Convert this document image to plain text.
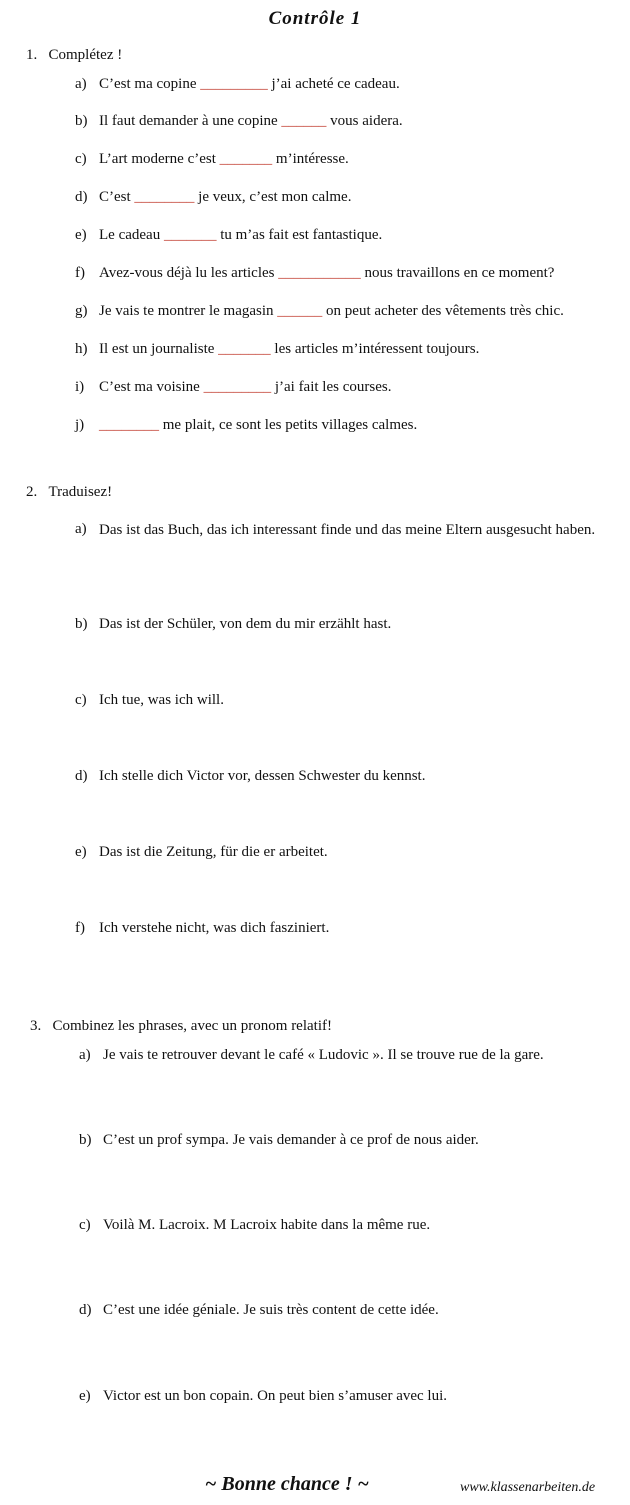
Contrôle 1
1. Complétez !
a) C’est ma copine _________ j’ai acheté ce cadeau.
b) Il faut demander à une copine ______ vous aidera.
c) L’art moderne c’est _______ m’intéresse.
d) C’est ________ je veux, c’est mon calme.
e) Le cadeau _______ tu m’as fait est fantastique.
f) Avez-vous déjà lu les articles ___________ nous travaillons en ce moment?
g) Je vais te montrer le magasin ______ on peut acheter des vêtements très chic.
h) Il est un journaliste _______ les articles m’intéressent toujours.
i) C’est ma voisine _________ j’ai fait les courses.
j) ________ me plait, ce sont les petits villages calmes.
2. Traduisez!
a) Das ist das Buch, das ich interessant finde und das meine Eltern ausgesucht haben.
b) Das ist der Schüler, von dem du mir erzählt hast.
c) Ich tue, was ich will.
d) Ich stelle dich Victor vor, dessen Schwester du kennst.
e) Das ist die Zeitung, für die er arbeitet.
f) Ich verstehe nicht, was dich fasziniert.
3. Combinez les phrases, avec un pronom relatif!
a) Je vais te retrouver devant le café « Ludovic ». Il se trouve rue de la gare.
b) C’est un prof sympa. Je vais demander à ce prof de nous aider.
c) Voilà M. Lacroix. M Lacroix habite dans la même rue.
d) C’est une idée géniale. Je suis très content de cette idée.
e) Victor est un bon copain. On peut bien s’amuser avec lui.
~ Bonne chance ! ~	www.klassenarbeiten.de
